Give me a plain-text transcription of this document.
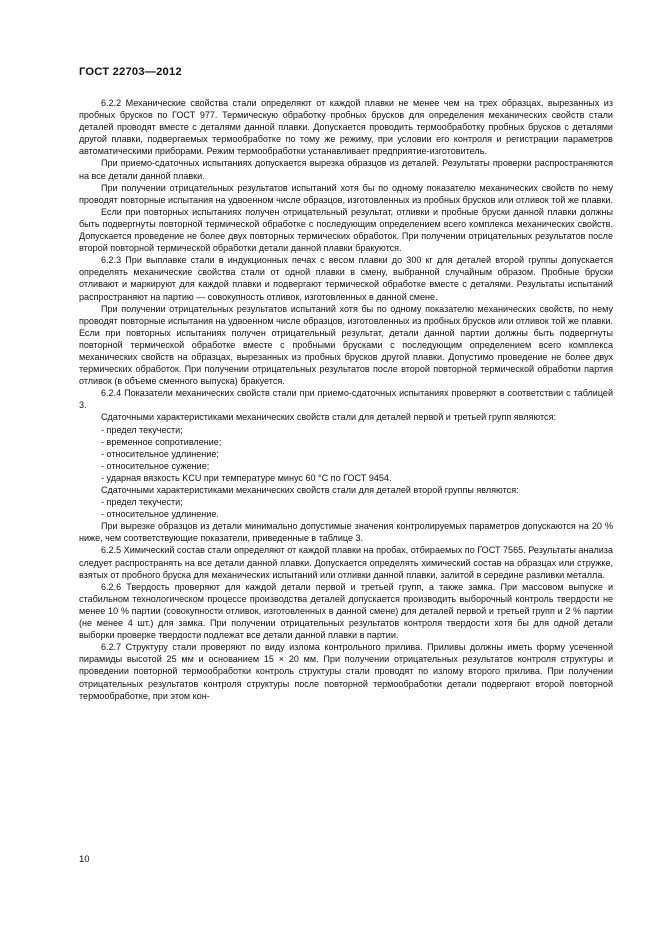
ГОСТ 22703—2012

6.2.2 Механические свойства стали определяют от каждой плавки не менее чем на трех образцах, вырезанных из пробных брусков по ГОСТ 977. Термическую обработку пробных брусков для определения механических свойств стали деталей проводят вместе с деталями данной плавки. Допускается проводить термообработку пробных брусков с деталями другой плавки, подвергаемых термообработке по тому же режиму, при условии его контроля и регистрации параметров автоматическими приборами. Режим термообработки устанавливает предприятие-изготовитель.

При приемо-сдаточных испытаниях допускается вырезка образцов из деталей. Результаты проверки распространяются на все детали данной плавки.

При получении отрицательных результатов испытаний хотя бы по одному показателю механических свойств по нему проводят повторные испытания на удвоенном числе образцов, изготовленных из пробных брусков или отливок той же плавки.

Если при повторных испытаниях получен отрицательный результат, отливки и пробные бруски данной плавки должны быть подвергнуты повторной термической обработке с последующим определением всего комплекса механических свойств. Допускается проведение не более двух повторных термических обработок. При получении отрицательных результатов после второй повторной термической обработки детали данной плавки бракуются.

6.2.3 При выплавке стали в индукционных печах с весом плавки до 300 кг для деталей второй группы допускается определять механические свойства стали от одной плавки в смену, выбранной случайным образом. Пробные бруски отливают и маркируют для каждой плавки и подвергают термической обработке вместе с деталями. Результаты испытаний распространяют на партию — совокупность отливок, изготовленных в данной смене.

При получении отрицательных результатов испытаний хотя бы по одному показателю механических свойств, по нему проводят повторные испытания на удвоенном числе образцов, изготовленных из пробных брусков или отливок той же плавки. Если при повторных испытаниях получен отрицательный результат, детали данной партии должны быть подвергнуты повторной термической обработке вместе с пробными брусками с последующим определением всего комплекса механических свойств на образцах, вырезанных из пробных брусков другой плавки. Допустимо проведение не более двух термических обработок. При получении отрицательных результатов после второй повторной термической обработки партия отливок (в объеме сменного выпуска) бракуется.

6.2.4 Показатели механических свойств стали при приемо-сдаточных испытаниях проверяют в соответствии с таблицей 3.

Сдаточными характеристиками механических свойств стали для деталей первой и третьей групп являются:

- предел текучести;

- временное сопротивление;

- относительное удлинение;

- относительное сужение;

- ударная вязкость KCU при температуре минус 60 °С по ГОСТ 9454.

Сдаточными характеристиками механических свойств стали для деталей второй группы являются:

- предел текучести;

- относительное удлинение.

При вырезке образцов из детали минимально допустимые значения контролируемых параметров допускаются на 20 % ниже, чем соответствующие показатели, приведенные в таблице 3.

6.2.5 Химический состав стали определяют от каждой плавки на пробах, отбираемых по ГОСТ 7565. Результаты анализа следует распространять на все детали данной плавки. Допускается определять химический состав на образцах или стружке, взятых от пробного бруска для механических испытаний или отливки данной плавки, залитой в середине разливки металла.

6.2.6 Твердость проверяют для каждой детали первой и третьей групп, а также замка. При массовом выпуске и стабильном технологическом процессе производства деталей допускается производить выборочный контроль твердости не менее 10 % партии (совокупности отливок, изготовленных в данной смене) для деталей первой и третьей групп и 2 % партии (не менее 4 шт.) для замка. При получении отрицательных результатов контроля твердости хотя бы для одной детали выборки проверке твердости подлежат все детали данной плавки в партии.

6.2.7 Структуру стали проверяют по виду излома контрольного прилива. Приливы должны иметь форму усеченной пирамиды высотой 25 мм и основанием 15 × 20 мм. При получении отрицательных результатов контроля структуры и проведении повторной термообработки контроль структуры стали проводят по излому второго прилива. При получении отрицательных результатов контроля структуры после повторной термообработки детали подвергают второй повторной термообработке, при этом кон-

10
